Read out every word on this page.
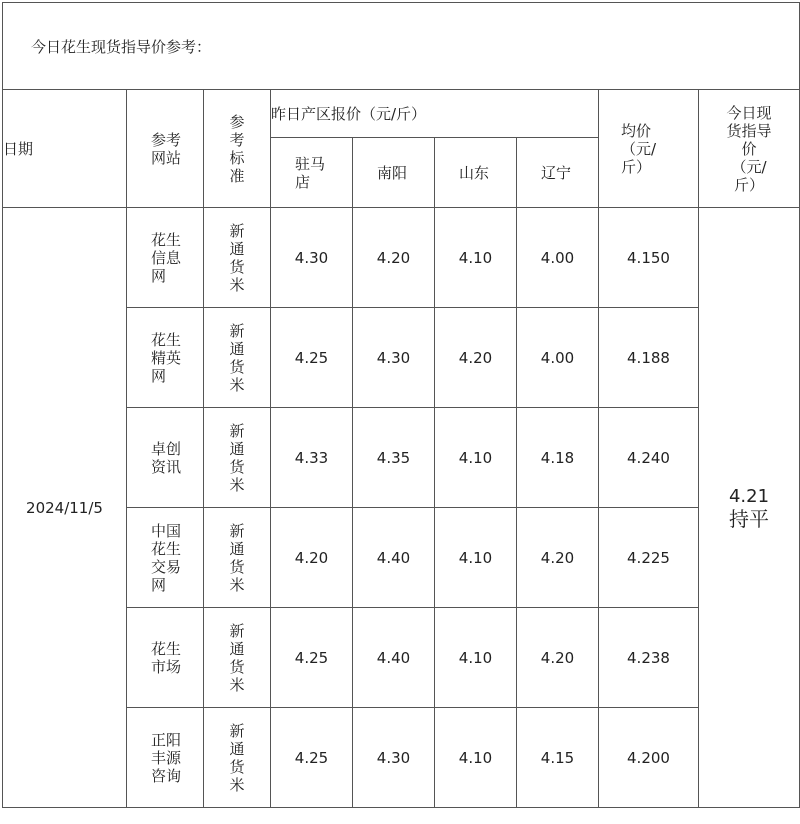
今日花生现货指导价参考：								

日期	参考网站	参考标准	昨日产区报价（元/斤）				均价（元/斤）	今日现货指导价（元/斤）
			驻马店	南阳	山东	辽宁		
2024/11/5	花生信息网	新通货米	4.30	4.20	4.10	4.00	4.150	4.21
持平

	花生精英网	新通货米	4.25	4.30	4.20	4.00	4.188	
	卓创资讯	新通货米	4.33	4.35	4.10	4.18	4.240	
	中国花生交易网	新通货米	4.20	4.40	4.10	4.20	4.225	
	花生市场	新通货米	4.25	4.40	4.10	4.20	4.238	
	正阳丰源咨询	新通货米	4.25	4.30	4.10	4.15	4.200	
